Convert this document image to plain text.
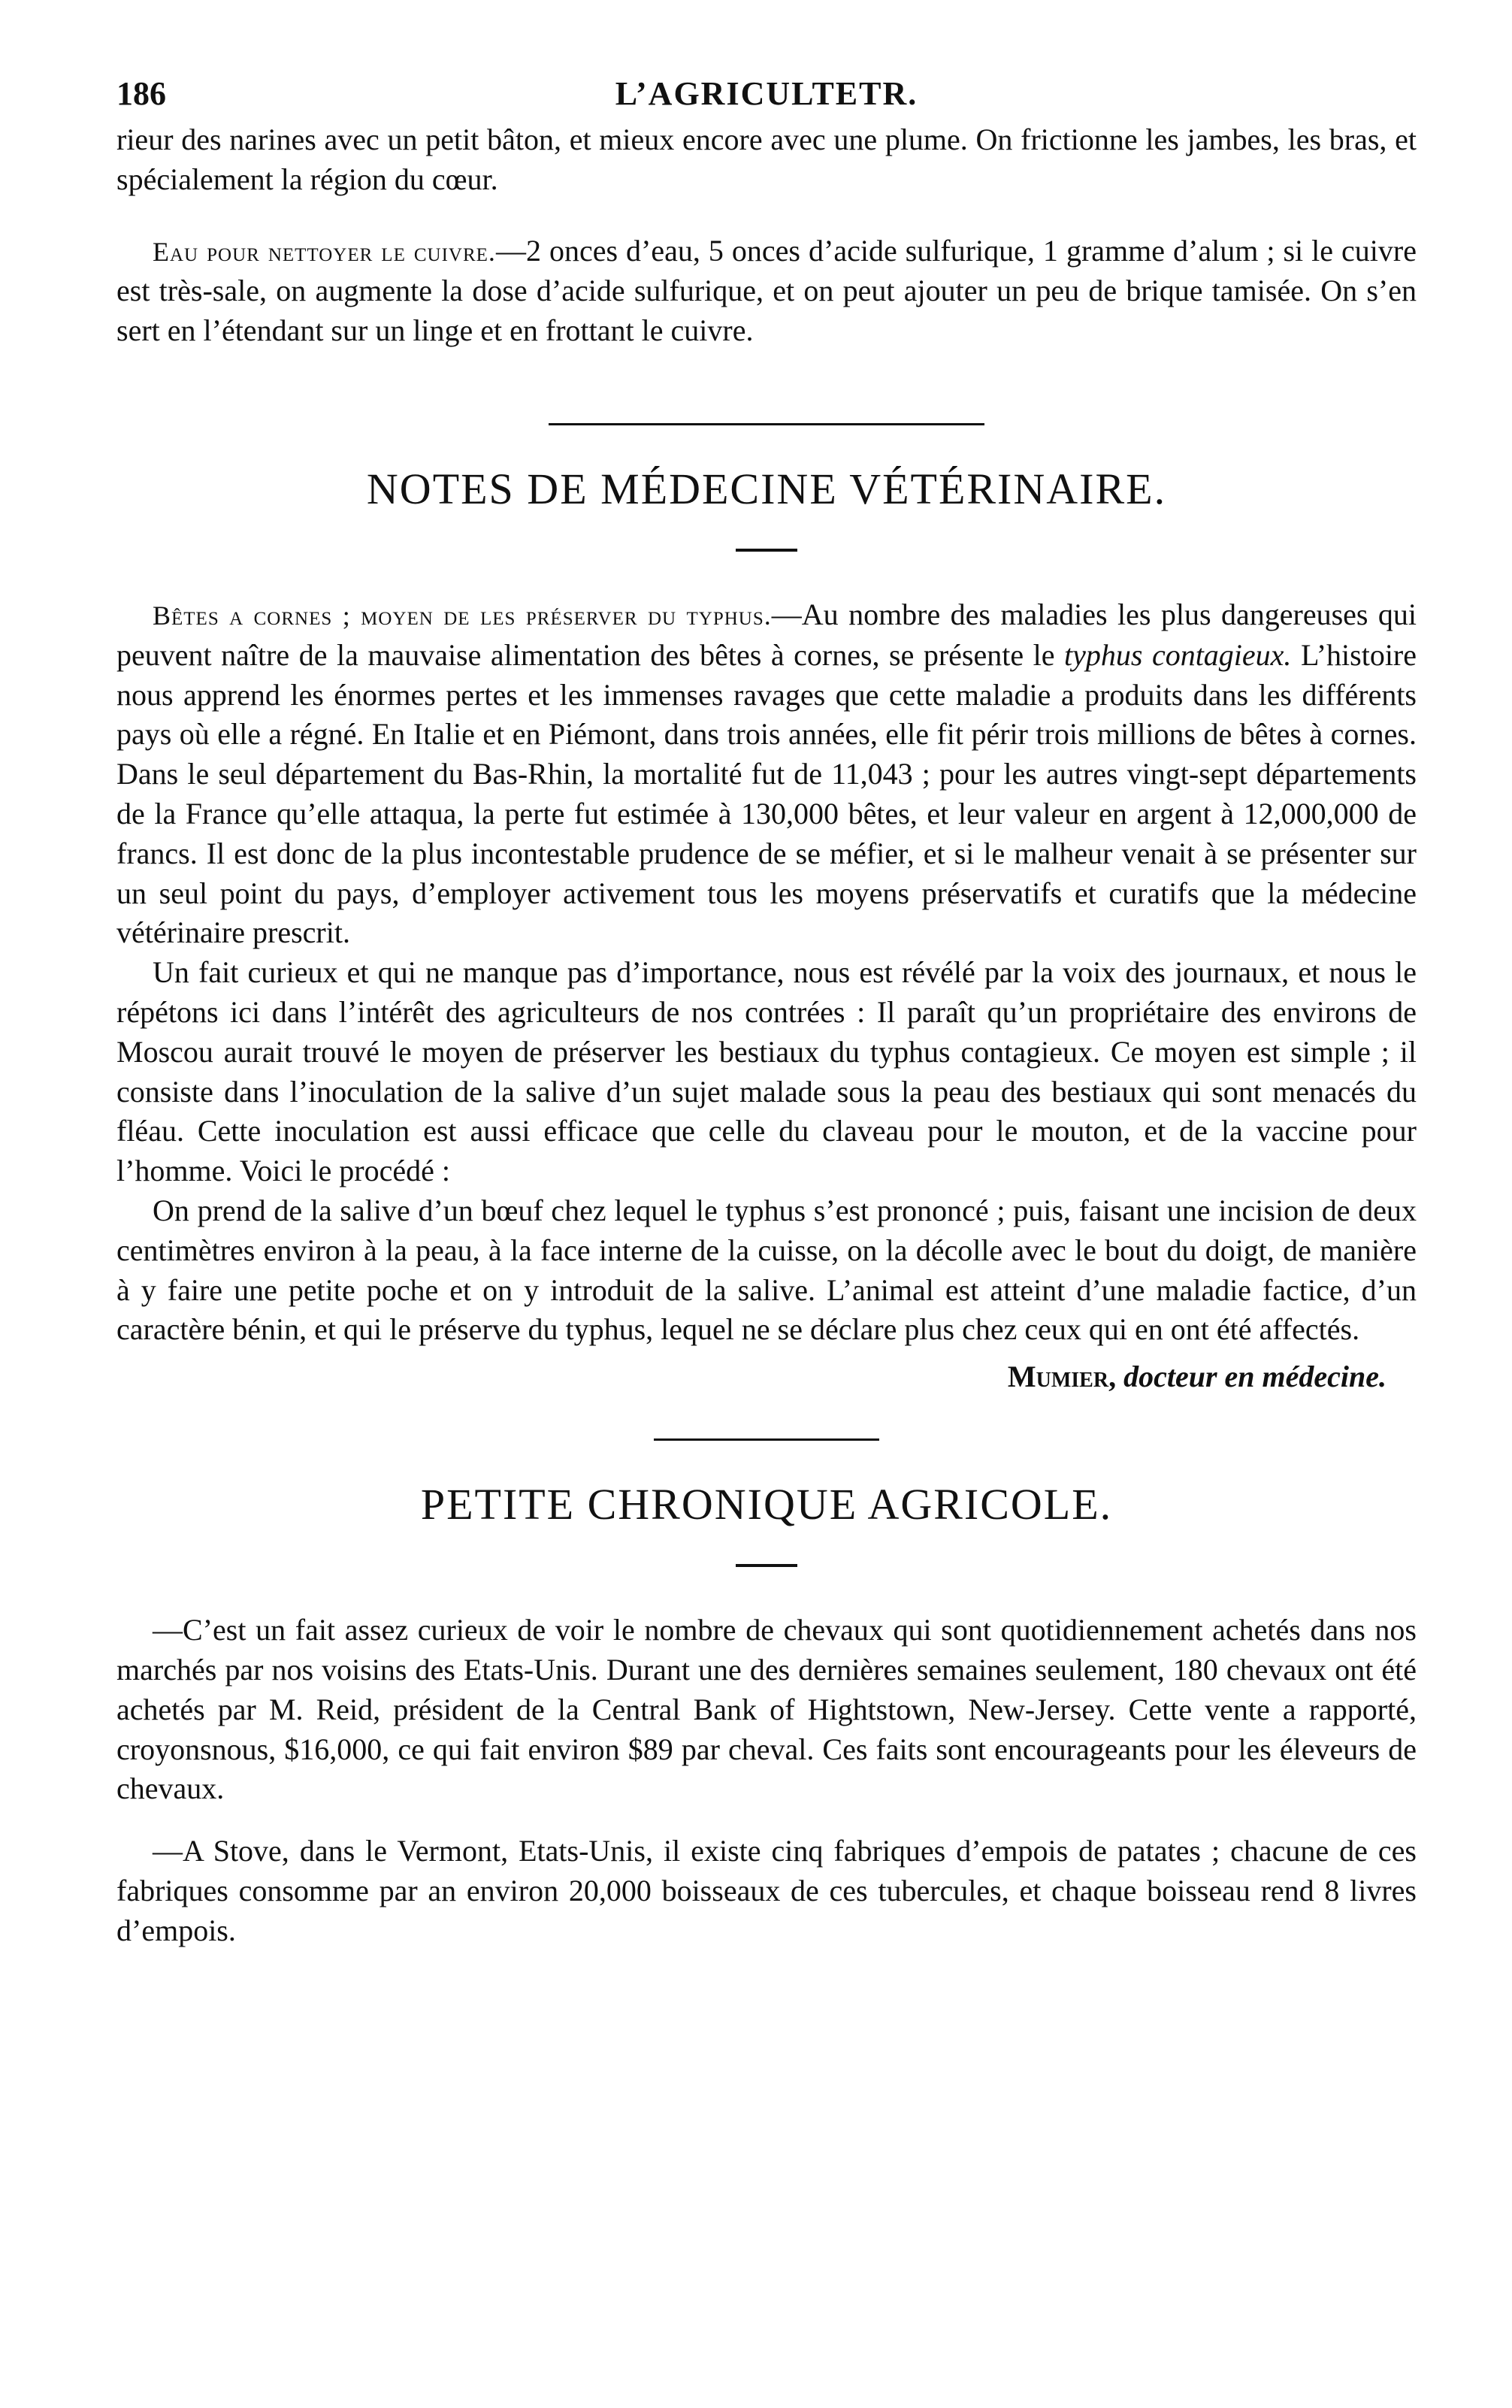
186	L’AGRICULTETR.

rieur des narines avec un petit bâton, et mieux encore avec une plume. On frictionne les jambes, les bras, et spécialement la région du cœur.

Eau pour nettoyer le cuivre.—2 onces d’eau, 5 onces d’acide sulfurique, 1 gramme d’alum ; si le cuivre est très-sale, on augmente la dose d’acide sulfurique, et on peut ajouter un peu de brique tamisée. On s’en sert en l’étendant sur un linge et en frottant le cuivre.

NOTES DE MÉDECINE VÉTÉRINAIRE.

Bêtes a cornes ; moyen de les préserver du typhus.—Au nombre des maladies les plus dangereuses qui peuvent naître de la mauvaise alimentation des bêtes à cornes, se présente le typhus contagieux. L’histoire nous apprend les énormes pertes et les immenses ravages que cette maladie a produits dans les différents pays où elle a régné. En Italie et en Piémont, dans trois années, elle fit périr trois millions de bêtes à cornes. Dans le seul département du Bas-Rhin, la mortalité fut de 11,043 ; pour les autres vingt-sept départements de la France qu’elle attaqua, la perte fut estimée à 130,000 bêtes, et leur valeur en argent à 12,000,000 de francs. Il est donc de la plus incontestable prudence de se méfier, et si le malheur venait à se présenter sur un seul point du pays, d’employer activement tous les moyens préservatifs et curatifs que la médecine vétérinaire prescrit.

Un fait curieux et qui ne manque pas d’importance, nous est révélé par la voix des journaux, et nous le répétons ici dans l’intérêt des agriculteurs de nos contrées : Il paraît qu’un propriétaire des environs de Moscou aurait trouvé le moyen de préserver les bestiaux du typhus contagieux. Ce moyen est simple ; il consiste dans l’inoculation de la salive d’un sujet malade sous la peau des bestiaux qui sont menacés du fléau. Cette inoculation est aussi efficace que celle du claveau pour le mouton, et de la vaccine pour l’homme. Voici le procédé :

On prend de la salive d’un bœuf chez lequel le typhus s’est prononcé ; puis, faisant une incision de deux centimètres environ à la peau, à la face interne de la cuisse, on la décolle avec le bout du doigt, de manière à y faire une petite poche et on y introduit de la salive. L’animal est atteint d’une maladie factice, d’un caractère bénin, et qui le préserve du typhus, lequel ne se déclare plus chez ceux qui en ont été affectés.

Mumier, docteur en médecine.
PETITE CHRONIQUE AGRICOLE.

—C’est un fait assez curieux de voir le nombre de chevaux qui sont quotidiennement achetés dans nos marchés par nos voisins des Etats-Unis. Durant une des dernières semaines seulement, 180 chevaux ont été achetés par M. Reid, président de la Central Bank of Hightstown, New-Jersey. Cette vente a rapporté, croyonsnous, $16,000, ce qui fait environ $89 par cheval. Ces faits sont encourageants pour les éleveurs de chevaux.

—A Stove, dans le Vermont, Etats-Unis, il existe cinq fabriques d’empois de patates ; chacune de ces fabriques consomme par an environ 20,000 boisseaux de ces tubercules, et chaque boisseau rend 8 livres d’empois.
